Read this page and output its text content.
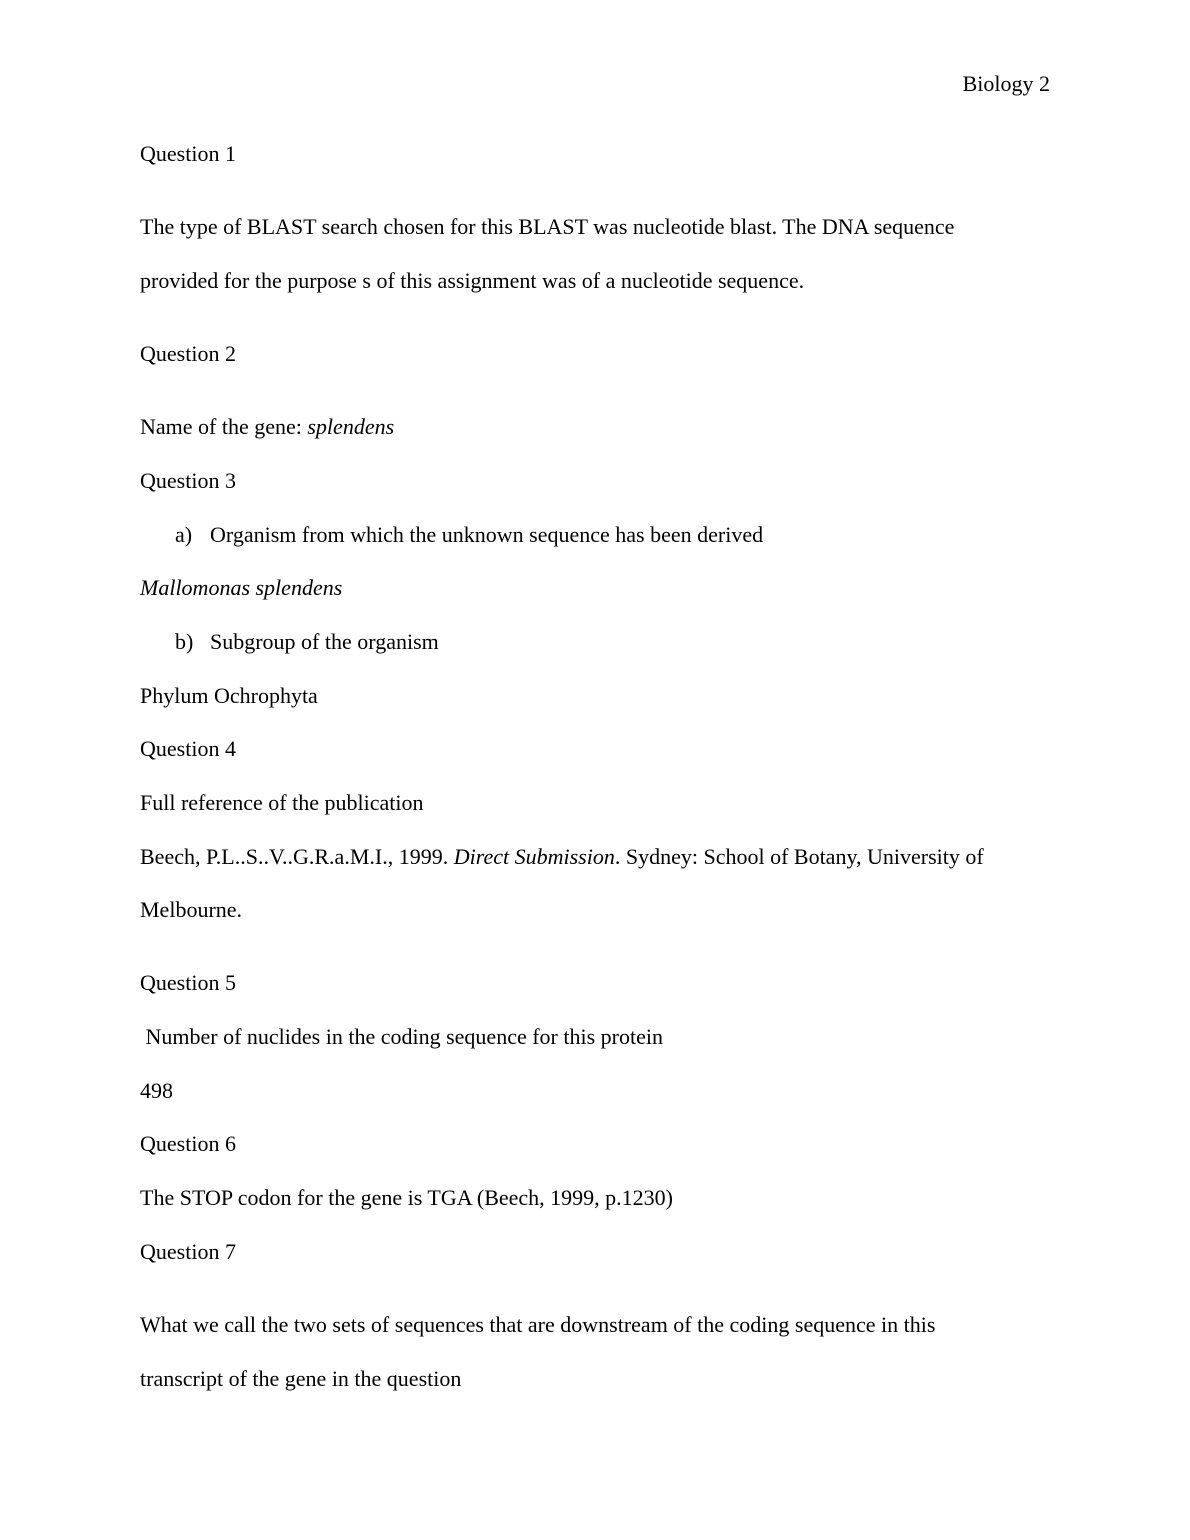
Biology 2
Question 1
The type of BLAST search chosen for this BLAST was nucleotide blast. The DNA sequence
provided for the purpose s of this assignment was of a nucleotide sequence.
Question 2
Name of the gene: splendens
Question 3
a) Organism from which the unknown sequence has been derived
Mallomonas splendens
b) Subgroup of the organism
Phylum Ochrophyta
Question 4
Full reference of the publication
Beech, P.L..S..V..G.R.a.M.I., 1999. Direct Submission. Sydney: School of Botany, University of
Melbourne.
Question 5
Number of nuclides in the coding sequence for this protein
498
Question 6
The STOP codon for the gene is TGA (Beech, 1999, p.1230)
Question 7
What we call the two sets of sequences that are downstream of the coding sequence in this
transcript of the gene in the question
